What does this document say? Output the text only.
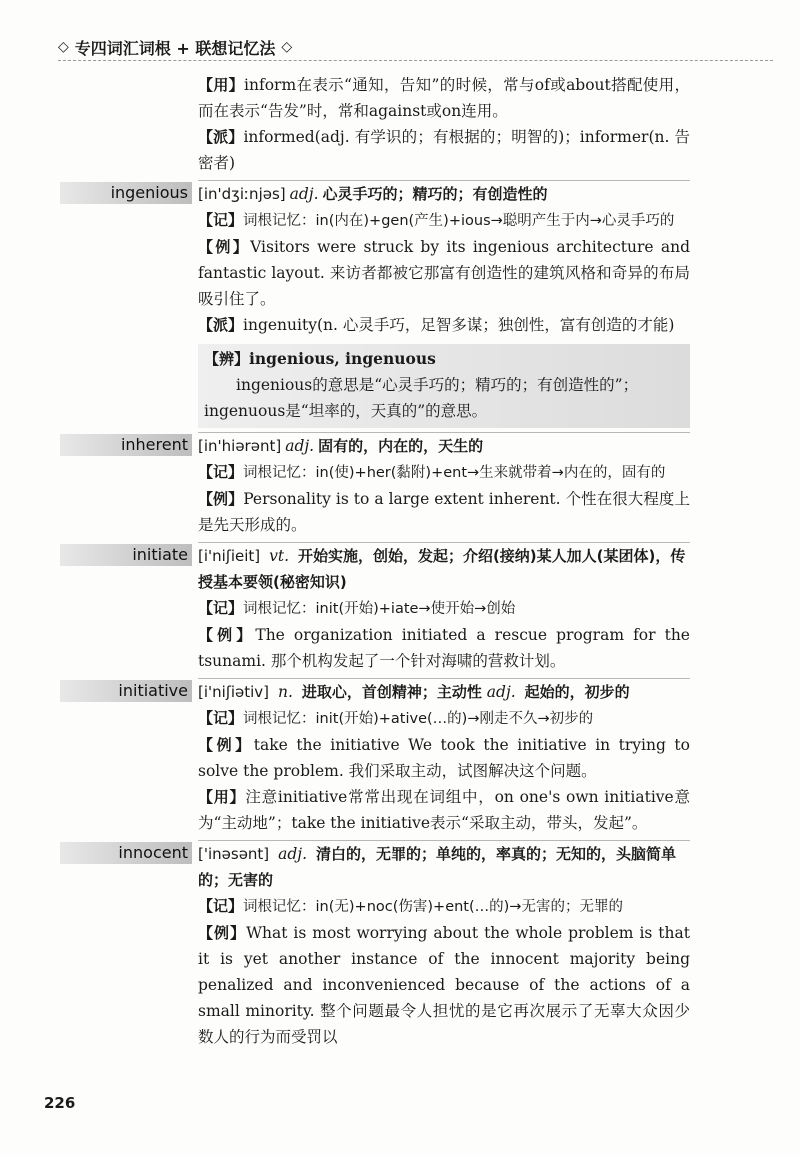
◇ 专四词汇词根 + 联想记忆法 ◇

【用】inform在表示“通知，告知”的时候，常与of或about搭配使用，而在表示“告发”时，常和against或on连用。

【派】informed(adj. 有学识的；有根据的；明智的)；informer(n. 告密者)

ingenious [in'dʒiːnjəs] adj. 心灵手巧的；精巧的；有创造性的

【记】词根记忆：in(内在)+gen(产生)+ious→聪明产生于内→心灵手巧的

【例】Visitors were struck by its ingenious architecture and fantastic layout. 来访者都被它那富有创造性的建筑风格和奇异的布局吸引住了。

【派】ingenuity(n. 心灵手巧，足智多谋；独创性，富有创造的才能)

【辨】ingenious, ingenuous
ingenious的意思是“心灵手巧的；精巧的；有创造性的”；ingenuous是“坦率的，天真的”的意思。
inherent [in'hiərənt] adj. 固有的，内在的，天生的

【记】词根记忆：in(使)+her(黏附)+ent→生来就带着→内在的，固有的

【例】Personality is to a large extent inherent. 个性在很大程度上是先天形成的。

initiate [i'niʃieit] vt. 开始实施，创始，发起；介绍(接纳)某人加人(某团体)，传授基本要领(秘密知识)

【记】词根记忆：init(开始)+iate→使开始→创始

【例】The organization initiated a rescue program for the tsunami. 那个机构发起了一个针对海啸的营救计划。

initiative [i'niʃiətiv] n. 进取心，首创精神；主动性 adj. 起始的，初步的

【记】词根记忆：init(开始)+ative(…的)→刚走不久→初步的

【例】take the initiative We took the initiative in trying to solve the problem. 我们采取主动，试图解决这个问题。

【用】注意initiative常常出现在词组中，on one's own initiative意为“主动地”；take the initiative表示“采取主动，带头，发起”。

innocent ['inəsənt] adj. 清白的，无罪的；单纯的，率真的；无知的，头脑简单的；无害的

【记】词根记忆：in(无)+noc(伤害)+ent(…的)→无害的；无罪的

【例】What is most worrying about the whole problem is that it is yet another instance of the innocent majority being penalized and inconvenienced because of the actions of a small minority. 整个问题最令人担忧的是它再次展示了无辜大众因少数人的行为而受罚以

226
